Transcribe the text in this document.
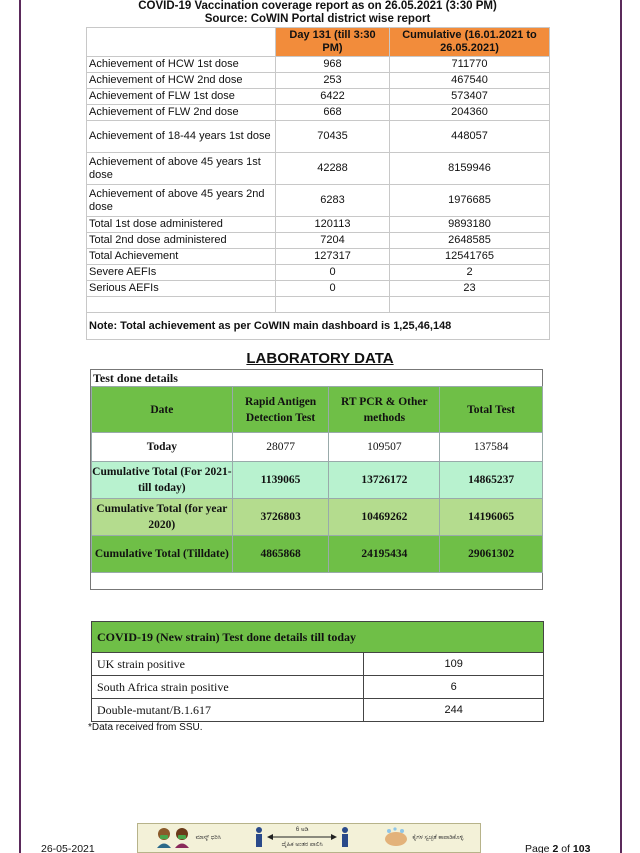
COVID-19 Vaccination coverage report as on 26.05.2021 (3:30 PM)
Source: CoWIN Portal district wise report
	Day 131 (till 3:30 PM)	Cumulative (16.01.2021 to 26.05.2021)
Achievement of HCW 1st dose	968	711770
Achievement of HCW 2nd dose	253	467540
Achievement of FLW 1st dose	6422	573407
Achievement of FLW 2nd dose	668	204360
Achievement of 18-44 years 1st dose	70435	448057
Achievement of above 45 years 1st dose	42288	8159946
Achievement of above 45 years 2nd dose	6283	1976685
Total 1st dose administered	120113	9893180
Total 2nd dose administered	7204	2648585
Total Achievement	127317	12541765
Severe AEFIs	0	2
Serious AEFIs	0	23

Note: Total achievement as per CoWIN main dashboard is 1,25,46,148		
LABORATORY DATA
Test done details
Date	Rapid Antigen Detection Test	RT PCR & Other methods	Total Test
Today	28077	109507	137584
Cumulative Total (For 2021- till today)	1139065	13726172	14865237
Cumulative Total (for year 2020)	3726803	10469262	14196065
Cumulative Total (Tilldate)	4865868	24195434	29061302
COVID-19 (New strain) Test done details till today	
UK strain positive	109
South Africa strain positive	6
Double-mutant/B.1.617	244
*Data received from SSU.
26-05-2021
ಮಾಸ್ಕ್ ಧರಿಸಿ
6 ಅಡಿ
ದೈಹಿಕ ಅಂತರ ಪಾಲಿಸಿ
ಕೈಗಳ ಸ್ವಚ್ಛತೆ ಕಾಪಾಡಿಕೊಳ್ಳಿ
Page 2 of 103
